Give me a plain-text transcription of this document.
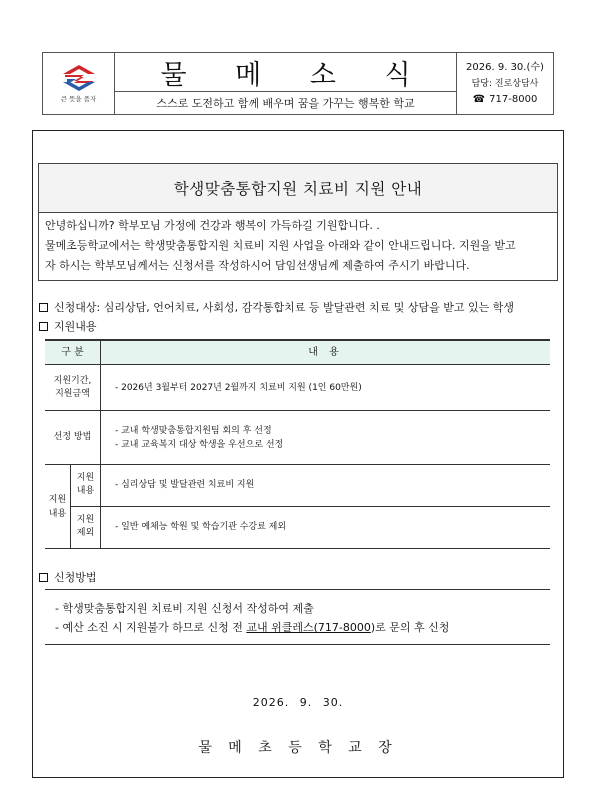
큰 뜻을 품자
물 메 소 식
스스로 도전하고 함께 배우며 꿈을 가꾸는 행복한 학교
2026. 9. 30.(수)
담당: 진로상담사
☎ 717-8000
학생맞춤통합지원 치료비 지원 안내

안녕하십니까? 학부모님 가정에 건강과 행복이 가득하길 기원합니다. .

물메초등학교에서는 학생맞춤통합지원 치료비 지원 사업을 아래와 같이 안내드립니다. 지원을 받고

자 하시는 학부모님께서는 신청서를 작성하시어 담임선생님께 제출하여 주시기 바랍니다.

신청대상: 심리상담, 언어치료, 사회성, 감각통합치료 등 발달관련 치료 및 상담을 받고 있는 학생
지원내용
구 분	내 용
지원기간,
지원금액
- 2026년 3월부터 2027년 2월까지 치료비 지원 (1인 60만원)
선정 방법
- 교내 학생맞춤통합지원팀 회의 후 선정
- 교내 교육복지 대상 학생을 우선으로 선정
지원
내용
지원
내용
- 심리상담 및 발달관련 치료비 지원
지원
제외
- 일반 예체능 학원 및 학습기관 수강료 제외
신청방법

- 학생맞춤통합지원 치료비 지원 신청서 작성하여 제출

- 예산 소진 시 지원불가 하므로 신청 전 교내 위클레스(717-8000)로 문의 후 신청

2026. 9. 30.
물 메 초 등 학 교 장
